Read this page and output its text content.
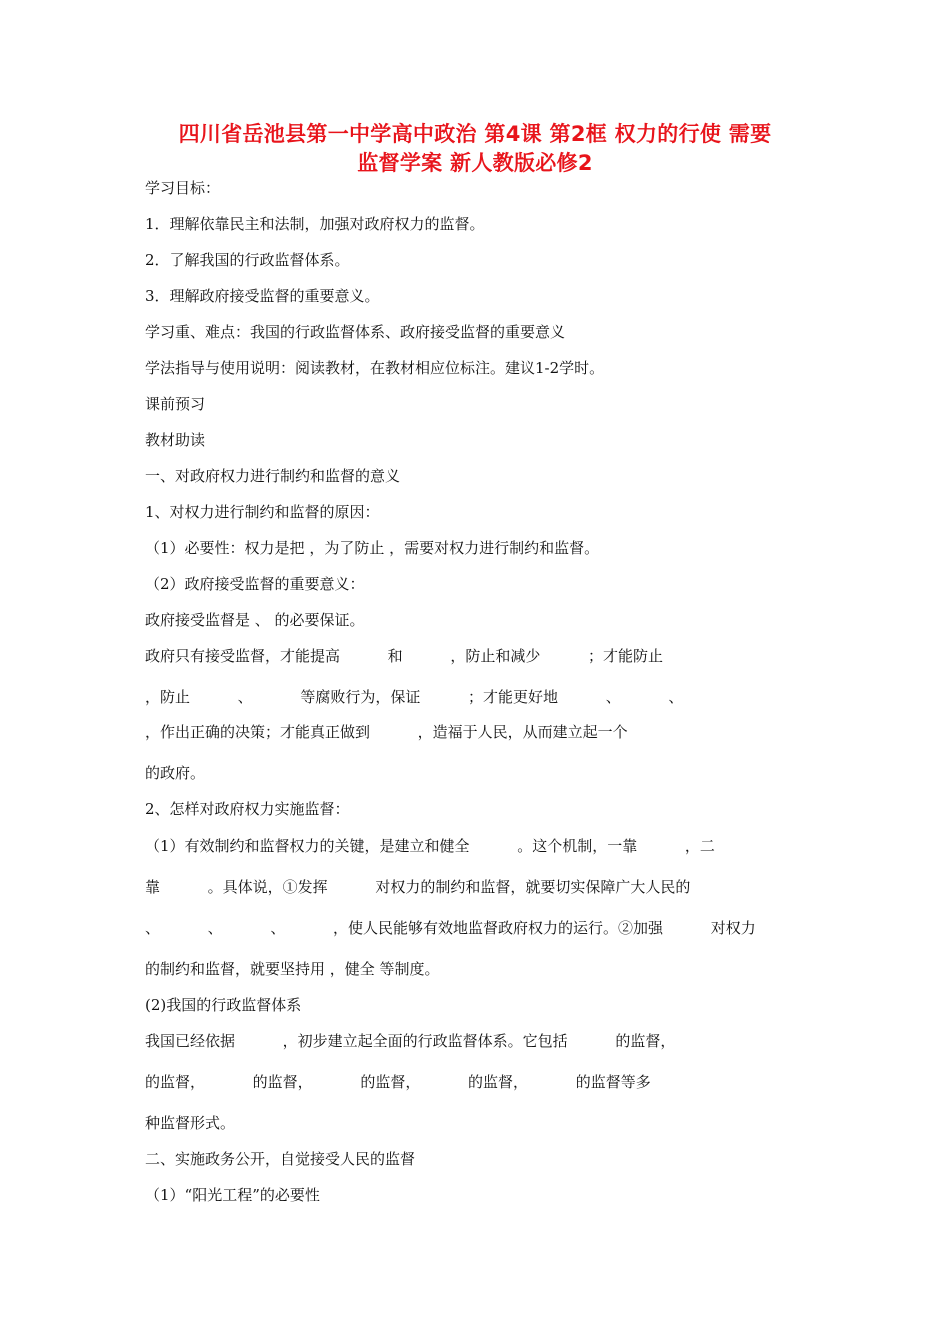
四川省岳池县第一中学高中政治 第4课 第2框 权力的行使 需要
监督学案 新人教版必修2
学习目标：
1．理解依靠民主和法制，加强对政府权力的监督。
2．了解我国的行政监督体系。
3．理解政府接受监督的重要意义。
学习重、难点：我国的行政监督体系、政府接受监督的重要意义
学法指导与使用说明：阅读教材，在教材相应位标注。建议1-2学时。
课前预习
教材助读
一、对政府权力进行制约和监督的意义
1、对权力进行制约和监督的原因：
（1）必要性：权力是把 ，为了防止 ，需要对权力进行制约和监督。
（2）政府接受监督的重要意义：
政府接受监督是 、 的必要保证。
政府只有接受监督，才能提高          和          ，防止和减少          ；才能防止
，防止          、          等腐败行为，保证          ；才能更好地          、          、
，作出正确的决策；才能真正做到          ，造福于人民，从而建立起一个
的政府。
2、怎样对政府权力实施监督：
（1）有效制约和监督权力的关键，是建立和健全          。这个机制，一靠          ，二
靠          。具体说，①发挥          对权力的制约和监督，就要切实保障广大人民的
、          、          、          ，使人民能够有效地监督政府权力的运行。②加强          对权力
的制约和监督，就要坚持用 ，健全 等制度。
(2)我国的行政监督体系
我国已经依据          ，初步建立起全面的行政监督体系。它包括          的监督，
的监督，          的监督，          的监督，          的监督，          的监督等多
种监督形式。
二、实施政务公开，自觉接受人民的监督
（1）“阳光工程”的必要性
